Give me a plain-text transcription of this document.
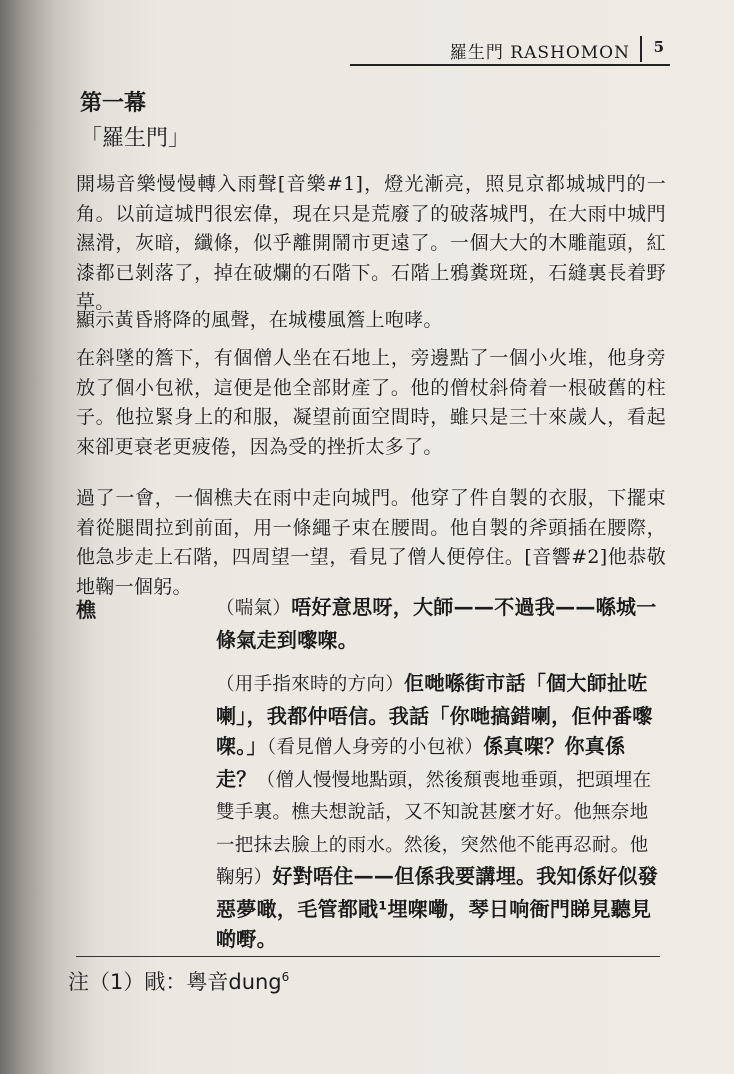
羅生門 RASHOMON 5
第一幕
「羅生門」

開場音樂慢慢轉入雨聲[音樂#1]，燈光漸亮，照見京都城城門的一角。以前這城門很宏偉，現在只是荒廢了的破落城門，在大雨中城門濕滑，灰暗，纖條，似乎離開鬧市更遠了。一個大大的木雕龍頭，紅漆都已剝落了，掉在破爛的石階下。石階上鴉糞斑斑，石縫裏長着野草。

顯示黃昏將降的風聲，在城樓風簷上咆哮。

在斜墜的簷下，有個僧人坐在石地上，旁邊點了一個小火堆，他身旁放了個小包袱，這便是他全部財產了。他的僧杖斜倚着一根破舊的柱子。他拉緊身上的和服，凝望前面空間時，雖只是三十來歲人，看起來卻更衰老更疲倦，因為受的挫折太多了。

過了一會，一個樵夫在雨中走向城門。他穿了件自製的衣服，下擺束着從腿間拉到前面，用一條繩子束在腰間。他自製的斧頭插在腰際，他急步走上石階，四周望一望，看見了僧人便停住。[音響#2]他恭敬地鞠一個躬。

樵	（喘氣）唔好意思呀，大師——不過我——喺城一條氣走到嚟㗎。

（用手指來時的方向）佢哋喺街市話「個大師扯咗喇」，我都仲唔信。我話「你哋搞錯喇，佢仲番嚟㗎。」（看見僧人身旁的小包袱）係真㗎？你真係走？（僧人慢慢地點頭，然後頹喪地垂頭，把頭埋在雙手裏。樵夫想說話，又不知說甚麼才好。他無奈地一把抹去臉上的雨水。然後，突然他不能再忍耐。他鞠躬）好對唔住——但係我要講埋。我知係好似發惡夢噉，毛管都戙¹埋㗎嘞，琴日响衙門睇見聽見啲嘢。

注（1）戙：粵音dung$^6$
